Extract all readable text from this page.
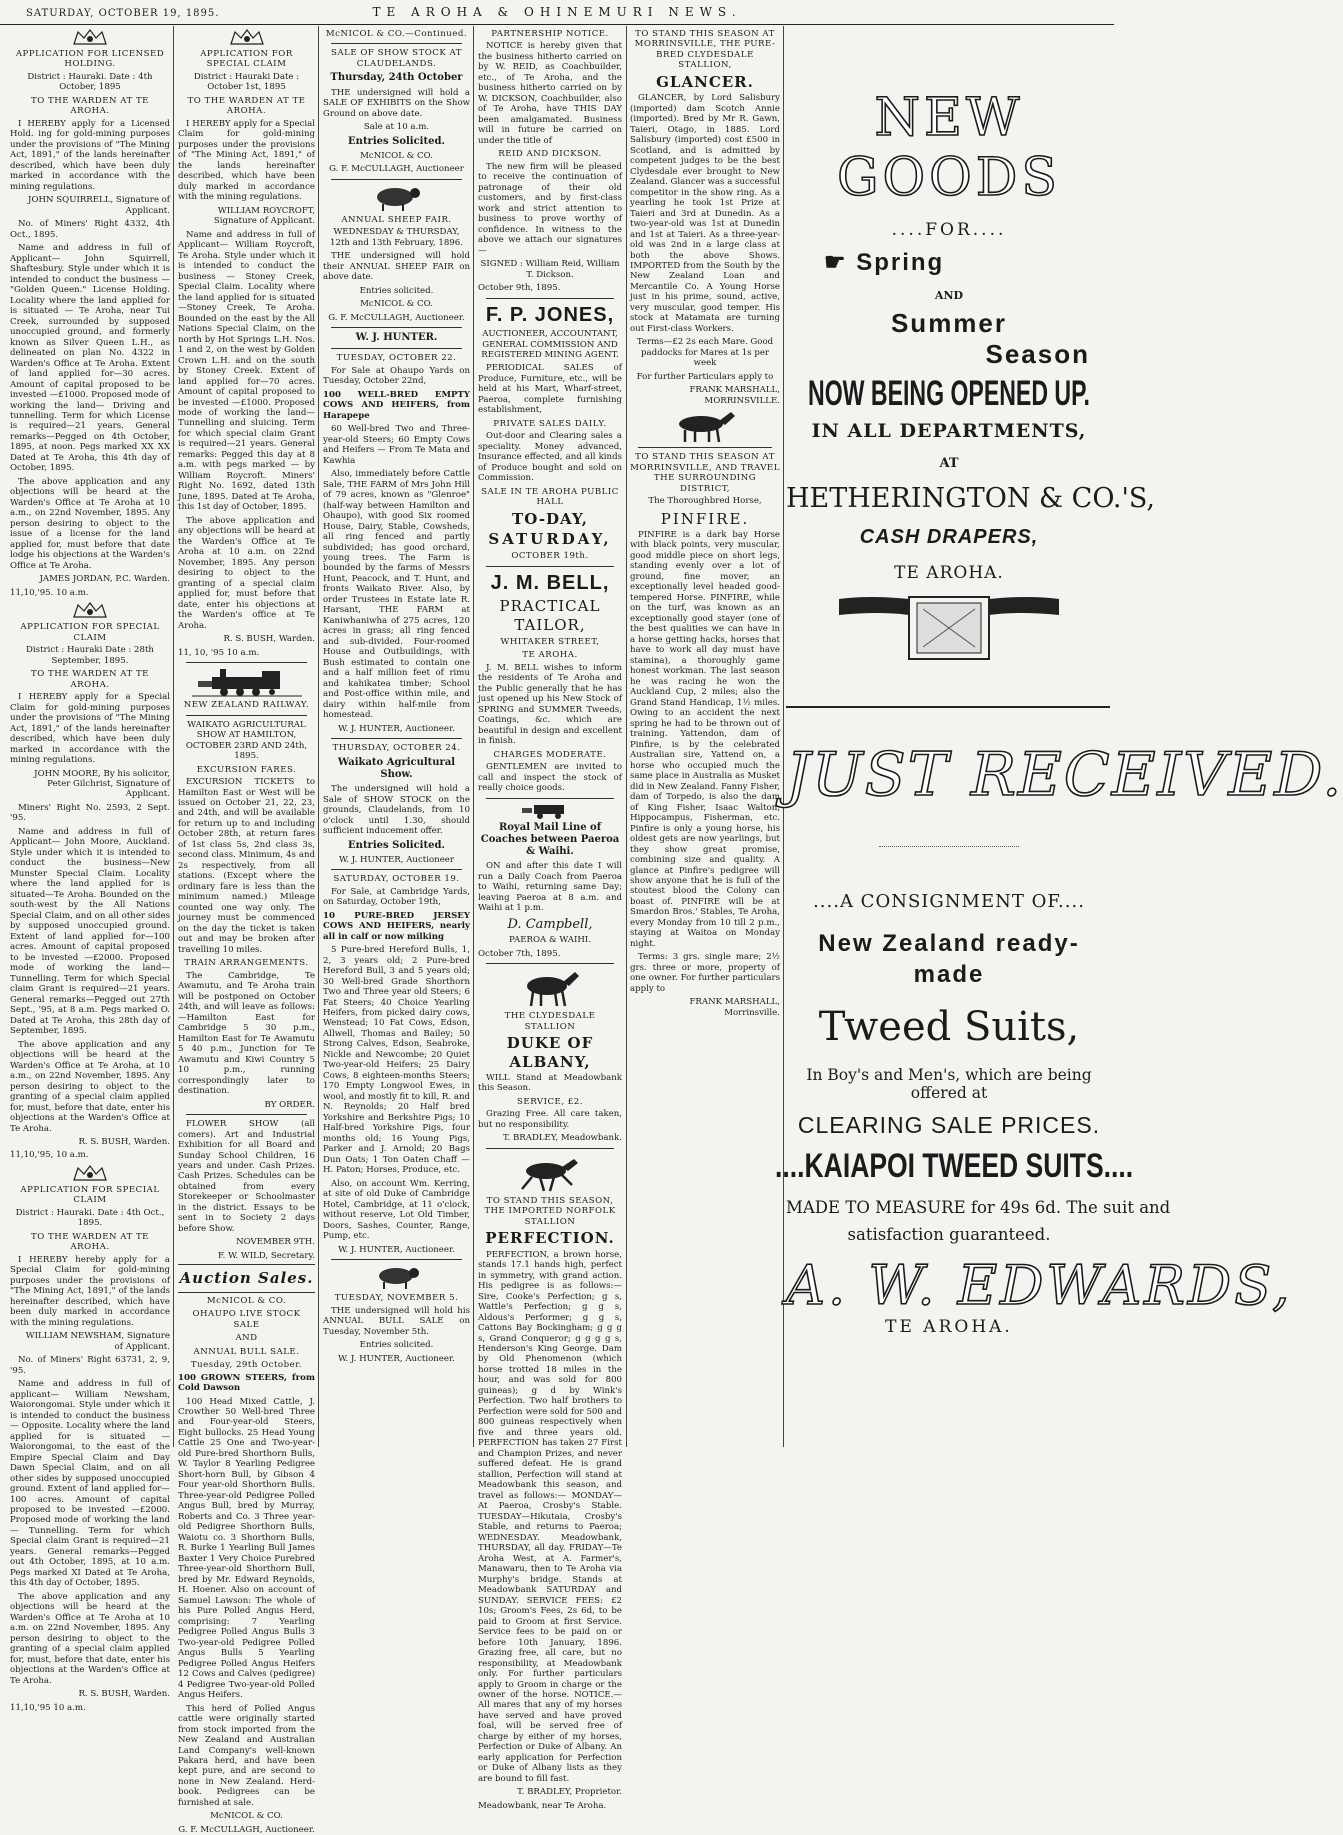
SATURDAY, OCTOBER 19, 1895.	TE AROHA & OHINEMURI NEWS.
APPLICATION FOR LICENSED HOLDING.

District : Hauraki. Date : 4th October, 1895

TO THE WARDEN AT TE AROHA.

I HEREBY apply for a Licensed Hold. ing for gold-mining purposes under the provisions of "The Mining Act, 1891," of the lands hereinafter described, which have been duly marked in accordance with the mining regulations.

JOHN SQUIRRELL, Signature of Applicant.

No. of Miners' Right 4332, 4th Oct., 1895.

Name and address in full of Applicant— John Squirrell, Shaftesbury. Style under which it is intended to conduct the business — "Golden Queen." License Holding. Locality where the land applied for is situated — Te Aroha, near Tui Creek, surrounded by supposed unoccupied ground, and formerly known as Silver Queen L.H., as delineated on plan No. 4322 in Warden's Office at Te Aroha. Extent of land applied for—30 acres. Amount of capital proposed to be invested —£1000. Proposed mode of working the land— Driving and tunnelling. Term for which License is required—21 years. General remarks—Pegged on 4th October, 1895, at noon. Pegs marked XX XX Dated at Te Aroha, this 4th day of October, 1895.

The above application and any objections will be heard at the Warden's Office at Te Aroha at 10 a.m., on 22nd November, 1895. Any person desiring to object to the issue of a license for the land applied for, must before that date lodge his objections at the Warden's Office at Te Aroha.

JAMES JORDAN, P.C. Warden.

11,10,'95. 10 a.m.

APPLICATION FOR SPECIAL CLAIM

District : Hauraki Date : 28th September, 1895.

TO THE WARDEN AT TE AROHA.

I HEREBY apply for a Special Claim for gold-mining purposes under the provisions of "The Mining Act, 1891," of the lands hereinafter described, which have been duly marked in accordance with the mining regulations.

JOHN MOORE, By his solicitor, Peter Gilchrist, Signature of Applicant.

Miners' Right No. 2593, 2 Sept. '95.

Name and address in full of Applicant— John Moore, Auckland. Style under which it is intended to conduct the business—New Munster Special Claim. Locality where the land applied for is situated—Te Aroha. Bounded on the south-west by the All Nations Special Claim, and on all other sides by supposed unoccupied ground. Extent of land applied for—100 acres. Amount of capital proposed to be invested —£2000. Proposed mode of working the land— Tunnelling. Term for which Special claim Grant is required—21 years. General remarks—Pegged out 27th Sept., '95, at 8 a.m. Pegs marked O. Dated at Te Aroha, this 28th day of September, 1895.

The above application and any objections will be heard at the Warden's Office at Te Aroha, at 10 a.m., on 22nd November, 1895. Any person desiring to object to the granting of a special claim applied for, must, before that date, enter his objections at the Warden's Office at Te Aroha.

R. S. BUSH, Warden.

11,10,'95, 10 a.m.

APPLICATION FOR SPECIAL CLAIM

District : Hauraki. Date : 4th Oct., 1895.

TO THE WARDEN AT TE AROHA.

I HEREBY hereby apply for a Special Claim for gold-mining purposes under the provisions of "The Mining Act, 1891," of the lands hereinafter described, which have been duly marked in accordance with the mining regulations.

WILLIAM NEWSHAM, Signature of Applicant.

No. of Miners' Right 63731, 2, 9, '95.

Name and address in full of applicant— William Newsham, Waiorongomai. Style under which it is intended to conduct the business — Opposite. Locality where the land applied for is situated — Waiorongomai, to the east of the Empire Special Claim and Day Dawn Special Claim, and on all other sides by supposed unoccupied ground. Extent of land applied for—100 acres. Amount of capital proposed to be invested —£2000. Proposed mode of working the land— Tunnelling. Term for which Special claim Grant is required—21 years. General remarks—Pegged out 4th October, 1895, at 10 a.m. Pegs marked XI Dated at Te Aroha, this 4th day of October, 1895.

The above application and any objections will be heard at the Warden's Office at Te Aroha at 10 a.m. on 22nd November, 1895. Any person desiring to object to the granting of a special claim applied for, must, before that date, enter his objections at the Warden's Office at Te Aroha.

R. S. BUSH, Warden.

11,10,'95 10 a.m.

APPLICATION FOR SPECIAL CLAIM

District : Hauraki Date : October 1st, 1895

TO THE WARDEN AT TE AROHA.

I HEREBY apply for a Special Claim for gold-mining purposes under the provisions of "The Mining Act, 1891," of the lands hereinafter described, which have been duly marked in accordance with the mining regulations.

WILLIAM ROYCROFT, Signature of Applicant.

Name and address in full of Applicant— William Roycroft, Te Aroha. Style under which it is intended to conduct the business — Stoney Creek, Special Claim. Locality where the land applied for is situated—Stoney Creek, Te Aroha. Bounded on the east by the All Nations Special Claim, on the north by Hot Springs L.H. Nos. 1 and 2, on the west by Golden Crown L.H. and on the south by Stoney Creek. Extent of land applied for—70 acres. Amount of capital proposed to be invested —£1000. Proposed mode of working the land— Tunnelling and sluicing. Term for which special claim Grant is required—21 years. General remarks: Pegged this day at 8 a.m. with pegs marked — by William Roycroft. Miners' Right No. 1692, dated 13th June, 1895. Dated at Te Aroha, this 1st day of October, 1895.

The above application and any objections will be heard at the Warden's Office at Te Aroha at 10 a.m. on 22nd November, 1895. Any person desiring to object to the granting of a special claim applied for, must before that date, enter his objections at the Warden's office at Te Aroha.

R. S. BUSH, Warden.

11, 10, '95 10 a.m.

NEW ZEALAND RAILWAY.

WAIKATO AGRICULTURAL SHOW AT HAMILTON, OCTOBER 23RD AND 24th, 1895.

EXCURSION FARES.

EXCURSION TICKETS to Hamilton East or West will be issued on October 21, 22, 23, and 24th, and will be available for return up to and including October 28th, at return fares of 1st class 5s, 2nd class 3s, second class. Minimum, 4s and 2s respectively, from all stations. (Except where the ordinary fare is less than the minimum named.) Mileage counted one way only. The journey must be commenced on the day the ticket is taken out and may be broken after travelling 10 miles.

TRAIN ARRANGEMENTS.

The Cambridge, Te Awamutu, and Te Aroha train will be postponed on October 24th, and will leave as follows:—Hamilton East for Cambridge 5 30 p.m., Hamilton East for Te Awamutu 5 40 p.m., Junction for Te Awamutu and Kiwi Country 5 10 p.m., running correspondingly later to destination.

BY ORDER.

FLOWER SHOW (all comers). Art and Industrial Exhibition for all Board and Sunday School Children, 16 years and under. Cash Prizes. Cash Prizes. Schedules can be obtained from every Storekeeper or Schoolmaster in the district. Essays to be sent in to Society 2 days before Show.

NOVEMBER 9TH.

F. W. WILD, Secretary.

Auction Sales.
McNICOL & CO.
OHAUPO LIVE STOCK SALE
AND
ANNUAL BULL SALE.
Tuesday, 29th October.

100 GROWN STEERS, from Cold Dawson

100 Head Mixed Cattle, J. Crowther 50 Well-bred Three and Four-year-old Steers, Eight bullocks. 25 Head Young Cattle 25 One and Two-year-old Pure-bred Shorthorn Bulls, W. Taylor 8 Yearling Pedigree Short-horn Bull, by Gibson 4 Four year-old Shorthorn Bulls. Three-year-old Pedigree Polled Angus Bull, bred by Murray, Roberts and Co. 3 Three year-old Pedigree Shorthorn Bulls, Waiotu co. 3 Shorthorn Bulls, R. Burke 1 Yearling Bull James Baxter 1 Very Choice Purebred Three-year-old Shorthorn Bull, bred by Mr. Edward Reynolds, H. Hoener. Also on account of Samuel Lawson: The whole of his Pure Polled Angus Herd, comprising: 7 Yearling Pedigree Polled Angus Bulls 3 Two-year-old Pedigree Polled Angus Bulls 5 Yearling Pedigree Polled Angus Heifers 12 Cows and Calves (pedigree) 4 Pedigree Two-year-old Polled Angus Heifers.

This herd of Polled Angus cattle were originally started from stock imported from the New Zealand and Australian Land Company's well-known Pakara herd, and have been kept pure, and are second to none in New Zealand. Herd-book. Pedigrees can be furnished at sale.

McNICOL & CO.

G. F. McCULLAGH, Auctioneer.

McNICOL & CO.—Continued.
SALE OF SHOW STOCK AT CLAUDELANDS.
Thursday, 24th October

THE undersigned will hold a SALE OF EXHIBITS on the Show Ground on above date.

Sale at 10 a.m.

Entries Solicited.

McNICOL & CO.

G. F. McCULLAGH, Auctioneer

ANNUAL SHEEP FAIR.

WEDNESDAY & THURSDAY, 12th and 13th February, 1896.

THE undersigned will hold their ANNUAL SHEEP FAIR on above date.

Entries solicited.

McNICOL & CO.

G. F. McCULLAGH, Auctioneer.

W. J. HUNTER.
TUESDAY, OCTOBER 22.

For Sale at Ohaupo Yards on Tuesday, October 22nd,

100 WELL-BRED EMPTY COWS AND HEIFERS, from Harapepe

60 Well-bred Two and Three-year-old Steers; 60 Empty Cows and Heifers — From Te Mata and Kawhia

Also, immediately before Cattle Sale, THE FARM of Mrs John Hill of 79 acres, known as "Glenroe" (half-way between Hamilton and Ohaupo), with good Six roomed House, Dairy, Stable, Cowsheds, all ring fenced and partly subdivided; has good orchard, young trees. The Farm is bounded by the farms of Messrs Hunt, Peacock, and T. Hunt, and fronts Waikato River. Also, by order Trustees in Estate late R. Harsant, THE FARM at Kaniwhaniwha of 275 acres, 120 acres in grass; all ring fenced and sub-divided. Four-roomed House and Outbuildings, with Bush estimated to contain one and a half million feet of rimu and kahikatea timber; School and Post-office within mile, and dairy within half-mile from homestead.

W. J. HUNTER, Auctioneer.

THURSDAY, OCTOBER 24.
Waikato Agricultural Show.

The undersigned will hold a Sale of SHOW STOCK on the grounds, Claudelands, from 10 o'clock until 1.30, should sufficient inducement offer.

Entries Solicited.

W. J. HUNTER, Auctioneer

SATURDAY, OCTOBER 19.

For Sale, at Cambridge Yards, on Saturday, October 19th,

10 PURE-BRED JERSEY COWS AND HEIFERS, nearly all in calf or now milking

5 Pure-bred Hereford Bulls, 1, 2, 3 years old; 2 Pure-bred Hereford Bull, 3 and 5 years old; 30 Well-bred Grade Shorthorn Two and Three year old Steers; 6 Fat Steers; 40 Choice Yearling Heifers, from picked dairy cows, Wenstead; 10 Fat Cows, Edson, Allwell, Thomas and Bailey; 50 Strong Calves, Edson, Seabroke, Nickle and Newcombe; 20 Quiet Two-year-old Heifers; 25 Dairy Cows, 8 eighteen-months Steers; 170 Empty Longwool Ewes, in wool, and mostly fit to kill, R. and N. Reynolds; 20 Half bred Yorkshire and Berkshire Pigs; 10 Half-bred Yorkshire Pigs, four months old; 16 Young Pigs, Parker and J. Arnold; 20 Bags Dun Oats; 1 Ton Oaten Chaff — H. Paton; Horses, Produce, etc.

Also, on account Wm. Kerring, at site of old Duke of Cambridge Hotel, Cambridge, at 11 o'clock, without reserve, Lot Old Timber, Doors, Sashes, Counter, Range, Pump, etc.

W. J. HUNTER, Auctioneer.

TUESDAY, NOVEMBER 5.

THE undersigned will hold his ANNUAL BULL SALE on Tuesday, November 5th.

Entries solicited.

W. J. HUNTER, Auctioneer.

PARTNERSHIP NOTICE.

NOTICE is hereby given that the business hitherto carried on by W. REID, as Coachbuilder, etc., of Te Aroha, and the business hitherto carried on by W. DICKSON, Coachbuilder, also of Te Aroha, have THIS DAY been amalgamated. Business will in future be carried on under the title of

REID AND DICKSON.

The new firm will be pleased to receive the continuation of patronage of their old customers, and by first-class work and strict attention to business to prove worthy of confidence. In witness to the above we attach our signatures—

SIGNED : William Reid, William T. Dickson.

October 9th, 1895.

F. P. JONES,

AUCTIONEER, ACCOUNTANT, GENERAL COMMISSION AND REGISTERED MINING AGENT.

PERIODICAL SALES of Produce, Furniture, etc., will be held at his Mart, Wharf-street, Paeroa, complete furnishing establishment,

PRIVATE SALES DAILY.

Out-door and Clearing sales a speciality. Money advanced, Insurance effected, and all kinds of Produce bought and sold on Commission.

SALE IN TE AROHA PUBLIC HALL
TO-DAY,
SATURDAY,
OCTOBER 19th.
J. M. BELL,
PRACTICAL TAILOR,
WHITAKER STREET,
TE AROHA.

J. M. BELL wishes to inform the residents of Te Aroha and the Public generally that he has just opened up his New Stock of SPRING and SUMMER Tweeds, Coatings, &c. which are beautiful in design and excellent in finish.

CHARGES MODERATE.

GENTLEMEN are invited to call and inspect the stock of really choice goods.

Royal Mail Line of Coaches between Paeroa & Waihi.

ON and after this date I will run a Daily Coach from Paeroa to Waihi, returning same Day; leaving Paeroa at 8 a.m. and Waihi at 1 p.m.

D. Campbell,

PAEROA & WAIHI.

October 7th, 1895.

THE CLYDESDALE STALLION
DUKE OF ALBANY,

WILL Stand at Meadowbank this Season.

SERVICE, £2.

Grazing Free. All care taken, but no responsibility.

T. BRADLEY, Meadowbank.

TO STAND THIS SEASON, THE IMPORTED NORFOLK STALLION
PERFECTION.

PERFECTION, a brown horse, stands 17.1 hands high, perfect in symmetry, with grand action. His pedigree is as follows:— Sire, Cooke's Perfection; g s, Wattle's Perfection; g g s, Aldous's Performer; g g s, Cattons Bay Bockingham; g g g s, Grand Conqueror; g g g g s, Henderson's King George. Dam by Old Phenomenon (which horse trotted 18 miles in the hour, and was sold for 800 guineas); g d by Wink's Perfection. Two half brothers to Perfection were sold for 500 and 800 guineas respectively when five and three years old. PERFECTION has taken 27 First and Champion Prizes, and never suffered defeat. He is grand stallion, Perfection will stand at Meadowbank this season, and travel as follows:— MONDAY—At Paeroa, Crosby's Stable. TUESDAY—Hikutaia, Crosby's Stable, and returns to Paeroa; WEDNESDAY. Meadowbank, THURSDAY, all day. FRIDAY—Te Aroha West, at A. Farmer's, Manawaru, then to Te Aroha via Murphy's bridge. Stands at Meadowbank SATURDAY and SUNDAY. SERVICE FEES: £2 10s; Groom's Fees, 2s 6d, to be paid to Groom at first Service. Service fees to be paid on or before 10th January, 1896. Grazing free, all care, but no responsibility, at Meadowbank only. For further particulars apply to Groom in charge or the owner of the horse. NOTICE.—All mares that any of my horses have served and have proved foal, will be served free of charge by either of my horses, Perfection or Duke of Albany. An early application for Perfection or Duke of Albany lists as they are bound to fill fast.

T. BRADLEY, Proprietor.

Meadowbank, near Te Aroha.

TO STAND THIS SEASON AT MORRINSVILLE, THE PURE-BRED CLYDESDALE STALLION,
GLANCER.

GLANCER, by Lord Salisbury (imported) dam Scotch Annie (imported). Bred by Mr R. Gawn, Taieri, Otago, in 1885. Lord Salisbury (imported) cost £500 in Scotland, and is admitted by competent judges to be the best Clydesdale ever brought to New Zealand. Glancer was a successful competitor in the show ring. As a yearling he took 1st Prize at Taieri and 3rd at Dunedin. As a two-year-old was 1st at Dunedin and 1st at Taieri. As a three-year-old was 2nd in a large class at both the above Shows. IMPORTED from the South by the New Zealand Loan and Mercantile Co. A Young Horse just in his prime, sound, active, very muscular, good temper. His stock at Matamata are turning out First-class Workers.

Terms—£2 2s each Mare. Good paddocks for Mares at 1s per week

For further Particulars apply to

FRANK MARSHALL, MORRINSVILLE.

TO STAND THIS SEASON AT MORRINSVILLE, AND TRAVEL THE SURROUNDING DISTRICT,

The Thoroughbred Horse,

PINFIRE.

PINFIRE is a dark bay Horse with black points, very muscular, good middle piece on short legs, standing evenly over a lot of ground, fine mover, an exceptionally level headed good-tempered Horse. PINFIRE, while on the turf, was known as an exceptionally good stayer (one of the best qualities we can have in a horse getting hacks, horses that have to work all day must have stamina), a thoroughly game honest workman. The last season he was racing he won the Auckland Cup, 2 miles; also the Grand Stand Handicap, 1½ miles. Owing to an accident the next spring he had to be thrown out of training. Yattendon, dam of Pinfire, is by the celebrated Australian sire, Yattend on, a horse who occupied much the same place in Australia as Musket did in New Zealand. Fanny Fisher, dam of Torpedo, is also the dam of King Fisher, Isaac Walton, Hippocampus, Fisherman, etc. Pinfire is only a young horse, his oldest gets are now yearlings, but they show great promise, combining size and quality. A glance at Pinfire's pedigree will show anyone that he is full of the stoutest blood the Colony can boast of. PINFIRE will be at Smardon Bros.' Stables, Te Aroha, every Monday from 10 till 2 p.m., staying at Waitoa on Monday night.

Terms: 3 grs. single mare; 2½ grs. three or more, property of one owner. For further particulars apply to

FRANK MARSHALL, Morrinsville.

NEW GOODS
....FOR....
☛ Spring
AND
Summer
Season
NOW BEING OPENED UP.
IN ALL DEPARTMENTS,
AT
HETHERINGTON & CO.'S,
CASH DRAPERS,
TE AROHA.
JUST RECEIVED.
....A CONSIGNMENT OF....
New Zealand ready-made
Tweed Suits,
In Boy's and Men's, which are being offered at
CLEARING SALE PRICES.
....KAIAPOI TWEED SUITS....
MADE TO MEASURE for 49s 6d. The suit and
satisfaction guaranteed.
A. W. EDWARDS,
TE AROHA.
